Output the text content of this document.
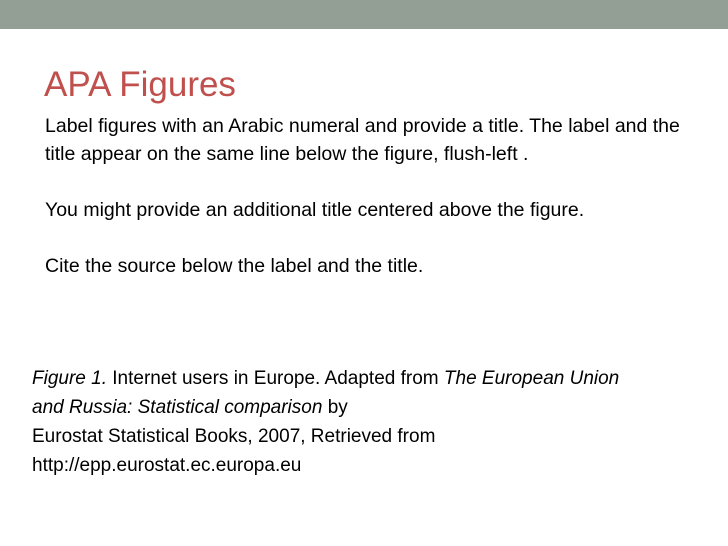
APA Figures

Label figures with an Arabic numeral and provide a title. The label and the title appear on the same line below the figure, flush-left .

You might provide an additional title centered above the figure.

Cite the source below the label and the title.

Figure 1. Internet users in Europe. Adapted from The European Union and Russia: Statistical comparison by

Eurostat Statistical Books, 2007, Retrieved from

http://epp.eurostat.ec.europa.eu
